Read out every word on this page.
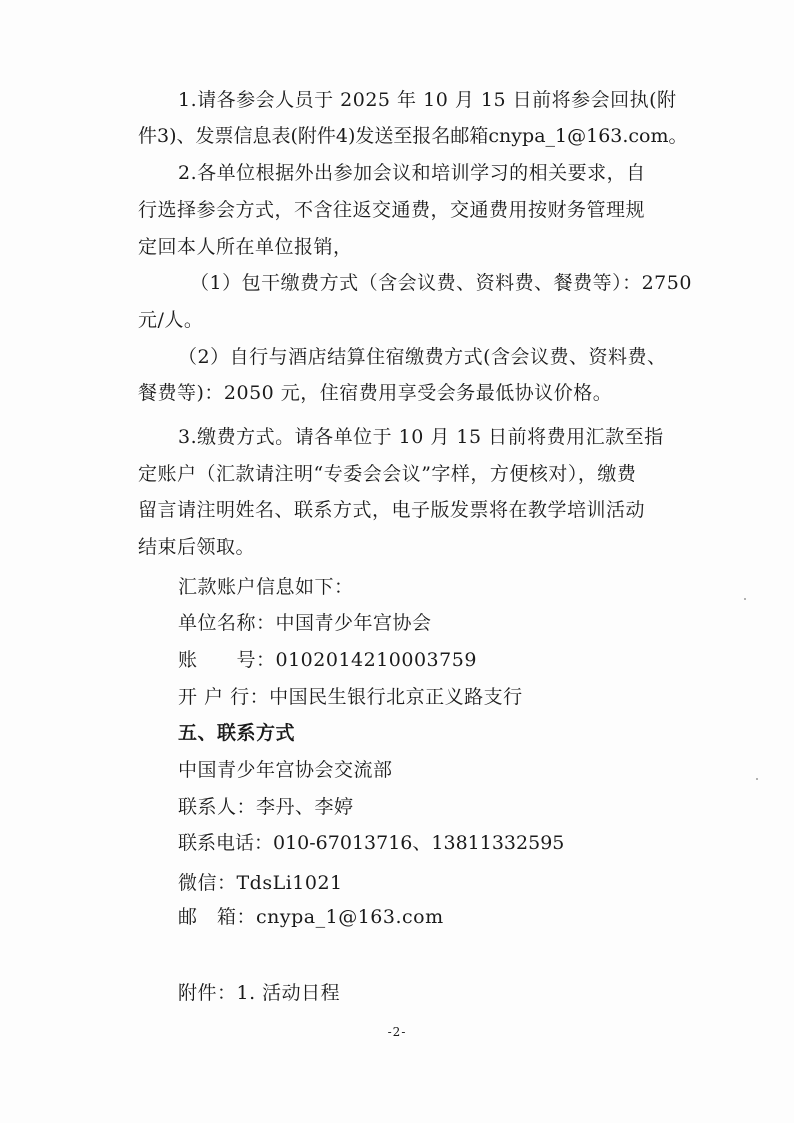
1.请各参会人员于 2025 年 10 月 15 日前将参会回执(附
件3)、发票信息表(附件4)发送至报名邮箱cnypa_1@163.com。
2.各单位根据外出参加会议和培训学习的相关要求，自
行选择参会方式，不含往返交通费，交通费用按财务管理规
定回本人所在单位报销，
（1）包干缴费方式（含会议费、资料费、餐费等）：2750
元/人。
（2）自行与酒店结算住宿缴费方式(含会议费、资料费、
餐费等)：2050 元，住宿费用享受会务最低协议价格。
3.缴费方式。请各单位于 10 月 15 日前将费用汇款至指
定账户（汇款请注明“专委会会议”字样，方便核对），缴费
留言请注明姓名、联系方式，电子版发票将在教学培训活动
结束后领取。
汇款账户信息如下：
单位名称：中国青少年宫协会
账　　号：0102014210003759
开 户 行：中国民生银行北京正义路支行
五、联系方式
中国青少年宫协会交流部
联系人：李丹、李婷
联系电话：010-67013716、13811332595
微信：TdsLi1021
邮　箱：cnypa_1@163.com
附件：1. 活动日程
-2-
